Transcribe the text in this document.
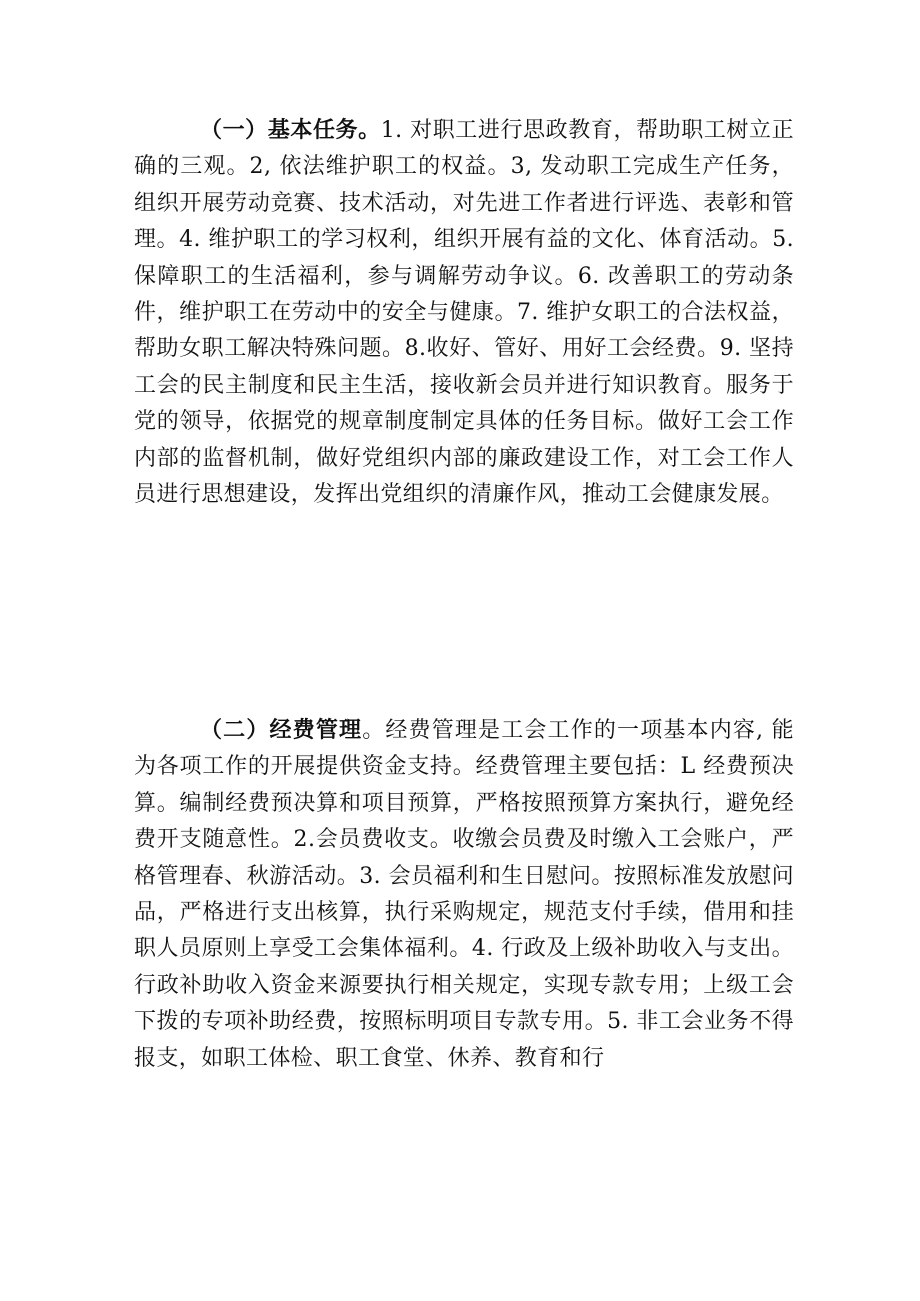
（一）基本任务。1. 对职工进行思政教育，帮助职工树立正确的三观。2, 依法维护职工的权益。3, 发动职工完成生产任务，组织开展劳动竞赛、技术活动，对先进工作者进行评选、表彰和管理。4. 维护职工的学习权利，组织开展有益的文化、体育活动。5. 保障职工的生活福利，参与调解劳动争议。6. 改善职工的劳动条件，维护职工在劳动中的安全与健康。7. 维护女职工的合法权益，帮助女职工解决特殊问题。8.收好、管好、用好工会经费。9. 坚持工会的民主制度和民主生活，接收新会员并进行知识教育。服务于党的领导，依据党的规章制度制定具体的任务目标。做好工会工作内部的监督机制，做好党组织内部的廉政建设工作，对工会工作人员进行思想建设，发挥出党组织的清廉作风，推动工会健康发展。

（二）经费管理。经费管理是工会工作的一项基本内容, 能为各项工作的开展提供资金支持。经费管理主要包括：L 经费预决算。编制经费预决算和项目预算，严格按照预算方案执行，避免经费开支随意性。2.会员费收支。收缴会员费及时缴入工会账户，严格管理春、秋游活动。3. 会员福利和生日慰问。按照标准发放慰问品，严格进行支出核算，执行采购规定，规范支付手续，借用和挂职人员原则上享受工会集体福利。4. 行政及上级补助收入与支出。行政补助收入资金来源要执行相关规定，实现专款专用；上级工会下拨的专项补助经费，按照标明项目专款专用。5. 非工会业务不得报支，如职工体检、职工食堂、休养、教育和行
